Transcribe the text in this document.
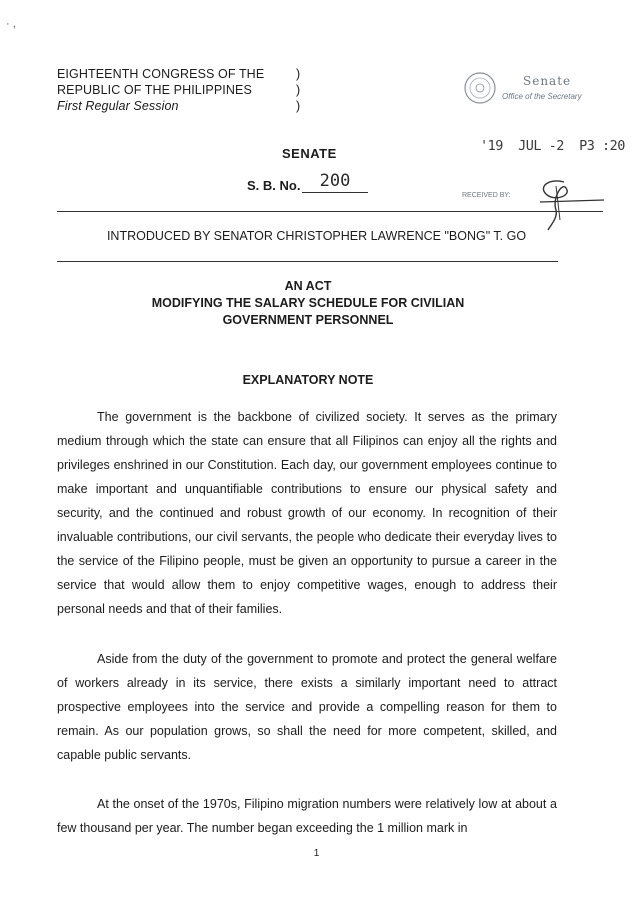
· ,
EIGHTEENTH CONGRESS OF THE
REPUBLIC OF THE PHILIPPINES
First Regular Session
)
)
)
Senate
Office of the Secretary
'19  JUL -2  P3 :20
RECEIVED BY:
SENATE
S. B. No.	200
INTRODUCED BY SENATOR CHRISTOPHER LAWRENCE "BONG" T. GO
AN ACT
MODIFYING THE SALARY SCHEDULE FOR CIVILIAN
GOVERNMENT PERSONNEL
EXPLANATORY NOTE
The government is the backbone of civilized society. It serves as the primary medium through which the state can ensure that all Filipinos can enjoy all the rights and privileges enshrined in our Constitution. Each day, our government employees continue to make important and unquantifiable contributions to ensure our physical safety and security, and the continued and robust growth of our economy. In recognition of their invaluable contributions, our civil servants, the people who dedicate their everyday lives to the service of the Filipino people, must be given an opportunity to pursue a career in the service that would allow them to enjoy competitive wages, enough to address their personal needs and that of their families.
Aside from the duty of the government to promote and protect the general welfare of workers already in its service, there exists a similarly important need to attract prospective employees into the service and provide a compelling reason for them to remain. As our population grows, so shall the need for more competent, skilled, and capable public servants.
At the onset of the 1970s, Filipino migration numbers were relatively low at about a few thousand per year. The number began exceeding the 1 million mark in
1
